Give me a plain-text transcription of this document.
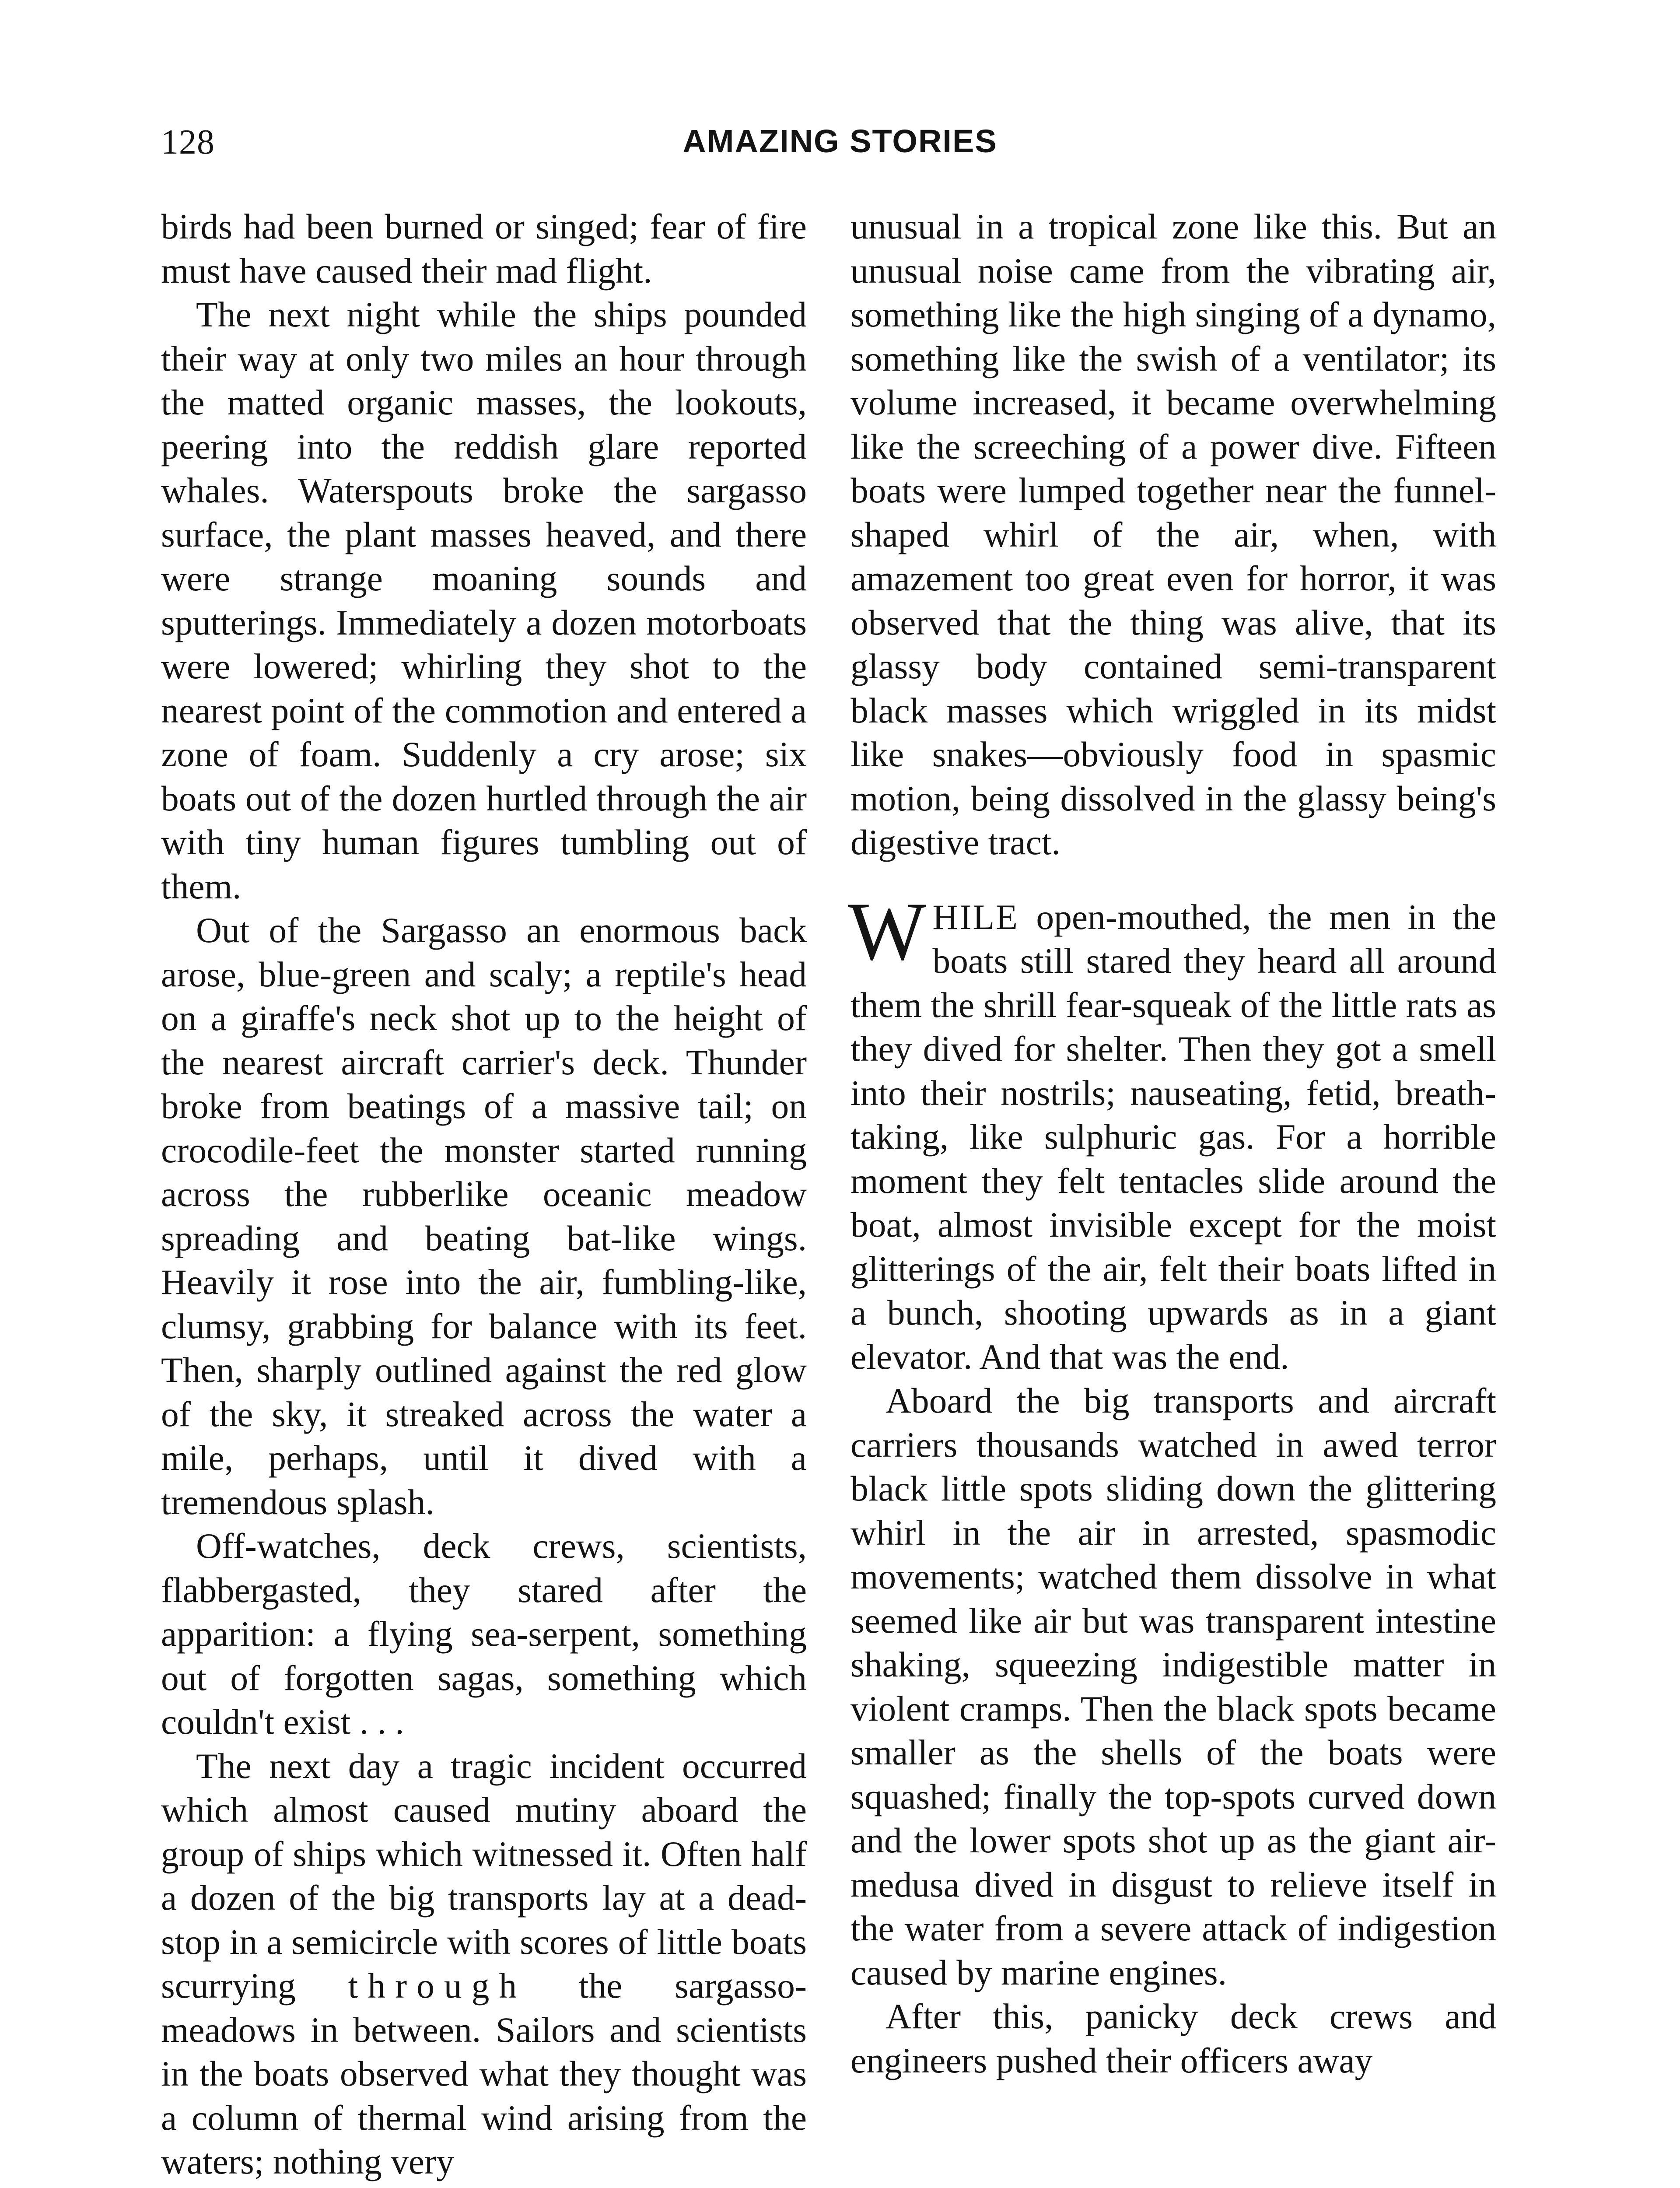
128	AMAZING STORIES

birds had been burned or singed; fear of fire must have caused their mad flight.

The next night while the ships pounded their way at only two miles an hour through the matted organic masses, the lookouts, peering into the reddish glare reported whales. Waterspouts broke the sargasso surface, the plant masses heaved, and there were strange moaning sounds and sputterings. Immediately a dozen motorboats were lowered; whirling they shot to the nearest point of the commotion and entered a zone of foam. Suddenly a cry arose; six boats out of the dozen hurtled through the air with tiny human figures tumbling out of them.

Out of the Sargasso an enormous back arose, blue-green and scaly; a reptile's head on a giraffe's neck shot up to the height of the nearest aircraft carrier's deck. Thunder broke from beatings of a massive tail; on crocodile-feet the monster started running across the rubberlike oceanic meadow spreading and beating bat-like wings. Heavily it rose into the air, fumbling-like, clumsy, grabbing for balance with its feet. Then, sharply outlined against the red glow of the sky, it streaked across the water a mile, perhaps, until it dived with a tremendous splash.

Off-watches, deck crews, scientists, flabbergasted, they stared after the apparition: a flying sea-serpent, something out of forgotten sagas, something which couldn't exist . . .

The next day a tragic incident occurred which almost caused mutiny aboard the group of ships which witnessed it. Often half a dozen of the big transports lay at a dead-stop in a semicircle with scores of little boats scurrying through the sargasso-meadows in between. Sailors and scientists in the boats observed what they thought was a column of thermal wind arising from the waters; nothing very

unusual in a tropical zone like this. But an unusual noise came from the vibrating air, something like the high singing of a dynamo, something like the swish of a ventilator; its volume increased, it became overwhelming like the screeching of a power dive. Fifteen boats were lumped together near the funnel-shaped whirl of the air, when, with amazement too great even for horror, it was observed that the thing was alive, that its glassy body contained semi-transparent black masses which wriggled in its midst like snakes—obviously food in spasmic motion, being dissolved in the glassy being's digestive tract.

WHILE open-mouthed, the men in the boats still stared they heard all around them the shrill fear-squeak of the little rats as they dived for shelter. Then they got a smell into their nostrils; nauseating, fetid, breath-taking, like sulphuric gas. For a horrible moment they felt tentacles slide around the boat, almost invisible except for the moist glitterings of the air, felt their boats lifted in a bunch, shooting upwards as in a giant elevator. And that was the end.

Aboard the big transports and aircraft carriers thousands watched in awed terror black little spots sliding down the glittering whirl in the air in arrested, spasmodic movements; watched them dissolve in what seemed like air but was transparent intestine shaking, squeezing indigestible matter in violent cramps. Then the black spots became smaller as the shells of the boats were squashed; finally the top-spots curved down and the lower spots shot up as the giant air-medusa dived in disgust to relieve itself in the water from a severe attack of indigestion caused by marine engines.

After this, panicky deck crews and engineers pushed their officers away
